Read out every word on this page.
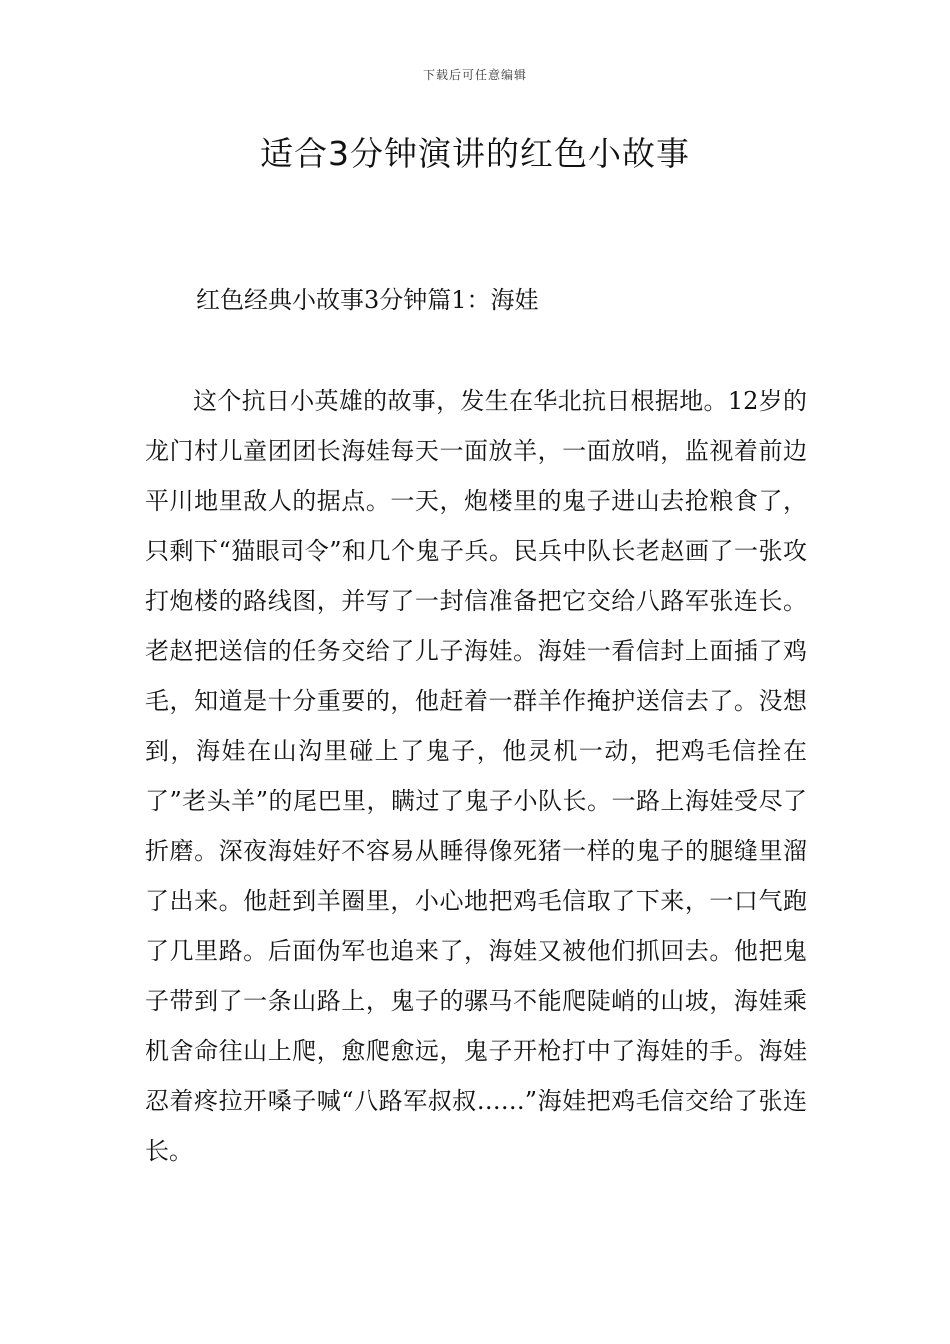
下载后可任意编辑
适合3分钟演讲的红色小故事
红色经典小故事3分钟篇1：海娃

这个抗日小英雄的故事，发生在华北抗日根据地。12岁的龙门村儿童团团长海娃每天一面放羊，一面放哨，监视着前边平川地里敌人的据点。一天，炮楼里的鬼子进山去抢粮食了，只剩下“猫眼司令”和几个鬼子兵。民兵中队长老赵画了一张攻打炮楼的路线图，并写了一封信准备把它交给八路军张连长。老赵把送信的任务交给了儿子海娃。海娃一看信封上面插了鸡毛，知道是十分重要的，他赶着一群羊作掩护送信去了。没想到，海娃在山沟里碰上了鬼子，他灵机一动，把鸡毛信拴在了”老头羊”的尾巴里，瞒过了鬼子小队长。一路上海娃受尽了折磨。深夜海娃好不容易从睡得像死猪一样的鬼子的腿缝里溜了出来。他赶到羊圈里，小心地把鸡毛信取了下来，一口气跑了几里路。后面伪军也追来了，海娃又被他们抓回去。他把鬼子带到了一条山路上，鬼子的骡马不能爬陡峭的山坡，海娃乘机舍命往山上爬，愈爬愈远，鬼子开枪打中了海娃的手。海娃忍着疼拉开嗓子喊“八路军叔叔……”海娃把鸡毛信交给了张连长。
